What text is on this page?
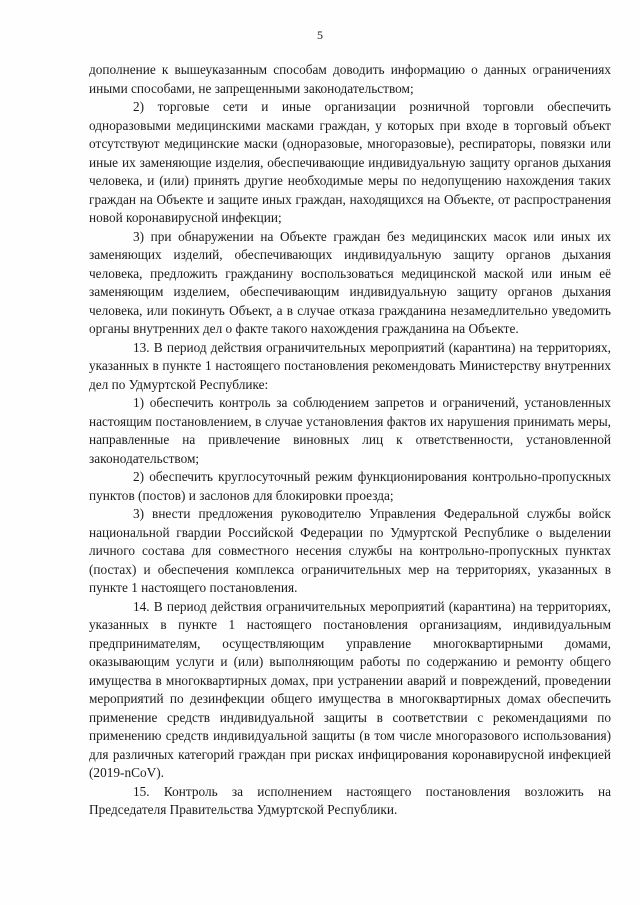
5

дополнение к вышеуказанным способам доводить информацию о данных ограничениях иными способами, не запрещенными законодательством;

2) торговые сети и иные организации розничной торговли обеспечить одноразовыми медицинскими масками граждан, у которых при входе в торговый объект отсутствуют медицинские маски (одноразовые, многоразовые), респираторы, повязки или иные их заменяющие изделия, обеспечивающие индивидуальную защиту органов дыхания человека, и (или) принять другие необходимые меры по недопущению нахождения таких граждан на Объекте и защите иных граждан, находящихся на Объекте, от распространения новой коронавирусной инфекции;

3) при обнаружении на Объекте граждан без медицинских масок или иных их заменяющих изделий, обеспечивающих индивидуальную защиту органов дыхания человека, предложить гражданину воспользоваться медицинской маской или иным её заменяющим изделием, обеспечивающим индивидуальную защиту органов дыхания человека, или покинуть Объект, а в случае отказа гражданина незамедлительно уведомить органы внутренних дел о факте такого нахождения гражданина на Объекте.

13. В период действия ограничительных мероприятий (карантина) на территориях, указанных в пункте 1 настоящего постановления рекомендовать Министерству внутренних дел по Удмуртской Республике:

1) обеспечить контроль за соблюдением запретов и ограничений, установленных настоящим постановлением, в случае установления фактов их нарушения принимать меры, направленные на привлечение виновных лиц к ответственности, установленной законодательством;

2) обеспечить круглосуточный режим функционирования контрольно-пропускных пунктов (постов) и заслонов для блокировки проезда;

3) внести предложения руководителю Управления Федеральной службы войск национальной гвардии Российской Федерации по Удмуртской Республике о выделении личного состава для совместного несения службы на контрольно-пропускных пунктах (постах) и обеспечения комплекса ограничительных мер на территориях, указанных в пункте 1 настоящего постановления.

14. В период действия ограничительных мероприятий (карантина) на территориях, указанных в пункте 1 настоящего постановления организациям, индивидуальным предпринимателям, осуществляющим управление многоквартирными домами, оказывающим услуги и (или) выполняющим работы по содержанию и ремонту общего имущества в многоквартирных домах, при устранении аварий и повреждений, проведении мероприятий по дезинфекции общего имущества в многоквартирных домах обеспечить применение средств индивидуальной защиты в соответствии с рекомендациями по применению средств индивидуальной защиты (в том числе многоразового использования) для различных категорий граждан при рисках инфицирования коронавирусной инфекцией (2019-nCoV).

15. Контроль за исполнением настоящего постановления возложить на Председателя Правительства Удмуртской Республики.
